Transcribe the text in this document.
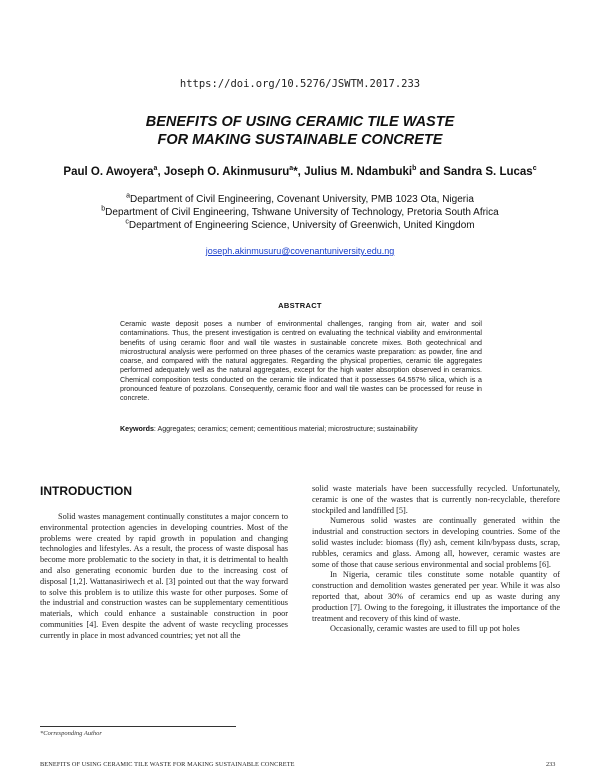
https://doi.org/10.5276/JSWTM.2017.233
BENEFITS OF USING CERAMIC TILE WASTE
FOR MAKING SUSTAINABLE CONCRETE
Paul O. Awoyera$^a$, Joseph O. Akinmusuru$^a$*, Julius M. Ndambuki$^b$ and Sandra S. Lucas$^c$
$^a$Department of Civil Engineering, Covenant University, PMB 1023 Ota, Nigeria
$^b$Department of Civil Engineering, Tshwane University of Technology, Pretoria South Africa
$^c$Department of Engineering Science, University of Greenwich, United Kingdom
joseph.akinmusuru@covenantuniversity.edu.ng
ABSTRACT
Ceramic waste deposit poses a number of environmental challenges, ranging from air, water and soil contaminations. Thus, the present investigation is centred on evaluating the technical viability and environmental benefits of using ceramic floor and wall tile wastes in sustainable concrete mixes. Both geotechnical and microstructural analysis were performed on three phases of the ceramics waste preparation: as powder, fine and coarse, and compared with the natural aggregates. Regarding the physical properties, ceramic tile aggregates performed adequately well as the natural aggregates, except for the high water absorption observed in ceramics. Chemical composition tests conducted on the ceramic tile indicated that it possesses 64.557% silica, which is a pronounced feature of pozzolans. Consequently, ceramic floor and wall tile wastes can be processed for reuse in concrete.
Keywords: Aggregates; ceramics; cement; cementitious material; microstructure; sustainability
INTRODUCTION

Solid wastes management continually constitutes a major concern to environmental protection agencies in developing countries. Most of the problems were created by rapid growth in population and changing technologies and lifestyles. As a result, the process of waste disposal has become more problematic to the society in that, it is detrimental to health and also generating economic burden due to the increasing cost of disposal [1,2]. Wattanasiriwech et al. [3] pointed out that the way forward to solve this problem is to utilize this waste for other purposes. Some of the industrial and construction wastes can be supplementary cementitious materials, which could enhance a sustainable construction in poor communities [4]. Even despite the advent of waste recycling processes currently in place in most advanced countries; yet not all the

solid waste materials have been successfully recycled. Unfortunately, ceramic is one of the wastes that is currently non-recyclable, therefore stockpiled and landfilled [5].

Numerous solid wastes are continually generated within the industrial and construction sectors in developing countries. Some of the solid wastes include: biomass (fly) ash, cement kiln/bypass dusts, scrap, rubbles, ceramics and glass. Among all, however, ceramic wastes are some of those that cause serious environmental and social problems [6].

In Nigeria, ceramic tiles constitute some notable quantity of construction and demolition wastes generated per year. While it was also reported that, about 30% of ceramics end up as waste during any production [7]. Owing to the foregoing, it illustrates the importance of the treatment and recovery of this kind of waste.

Occasionally, ceramic wastes are used to fill up pot holes

*Corresponding Author
BENEFITS OF USING CERAMIC TILE WASTE FOR MAKING SUSTAINABLE CONCRETE	233
